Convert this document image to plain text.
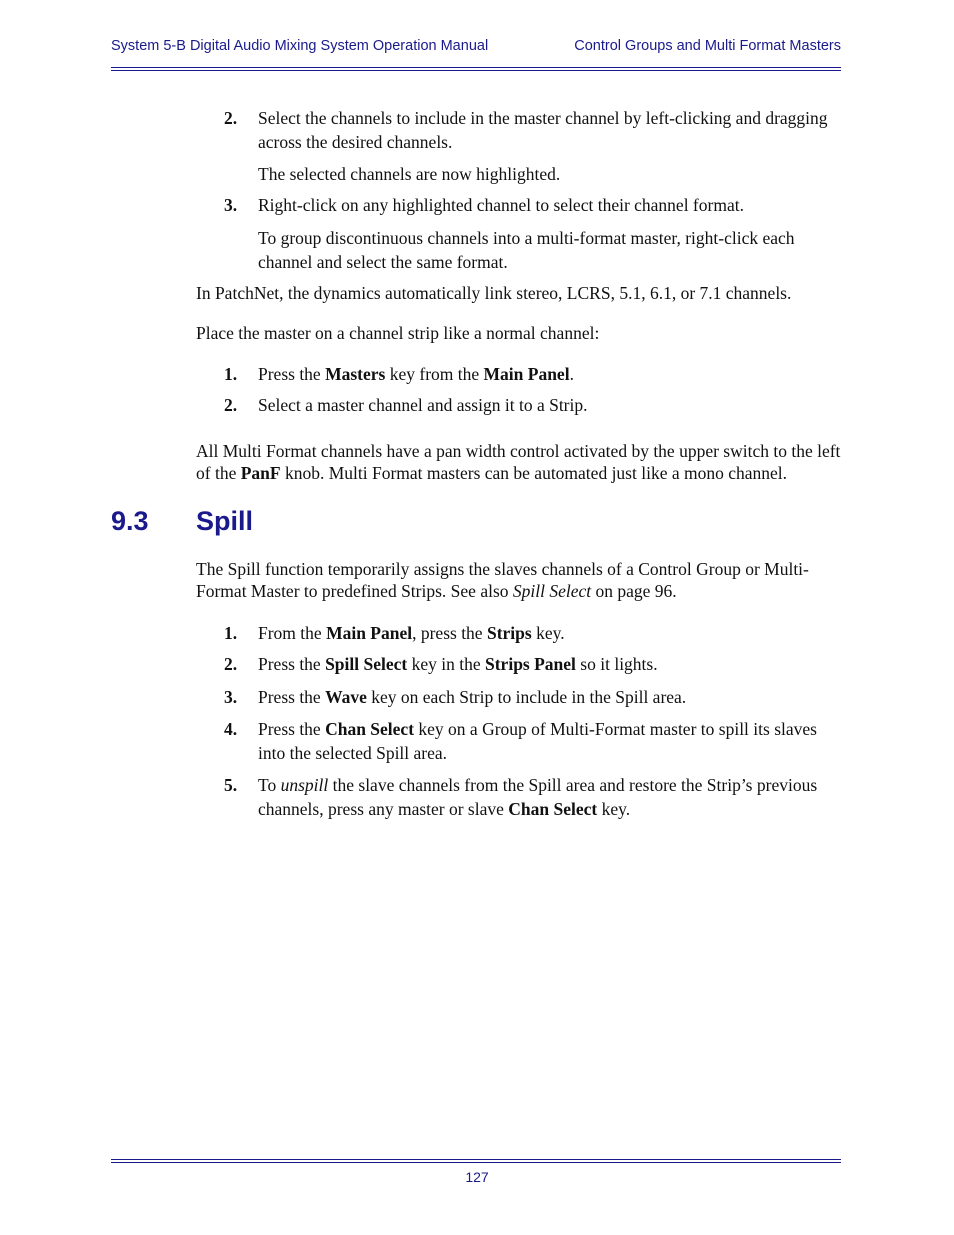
System 5-B Digital Audio Mixing System Operation Manual	Control Groups and Multi Format Masters
2. Select the channels to include in the master channel by left-clicking and dragging across the desired channels.
The selected channels are now highlighted.
3. Right-click on any highlighted channel to select their channel format.
To group discontinuous channels into a multi-format master, right-click each channel and select the same format.
In PatchNet, the dynamics automatically link stereo, LCRS, 5.1, 6.1, or 7.1 channels.
Place the master on a channel strip like a normal channel:
1. Press the Masters key from the Main Panel.
2. Select a master channel and assign it to a Strip.
All Multi Format channels have a pan width control activated by the upper switch to the left of the PanF knob. Multi Format masters can be automated just like a mono channel.
9.3 Spill
The Spill function temporarily assigns the slaves channels of a Control Group or Multi-Format Master to predefined Strips. See also Spill Select on page 96.
1. From the Main Panel, press the Strips key.
2. Press the Spill Select key in the Strips Panel so it lights.
3. Press the Wave key on each Strip to include in the Spill area.
4. Press the Chan Select key on a Group of Multi-Format master to spill its slaves into the selected Spill area.
5. To unspill the slave channels from the Spill area and restore the Strip’s previous channels, press any master or slave Chan Select key.
127
